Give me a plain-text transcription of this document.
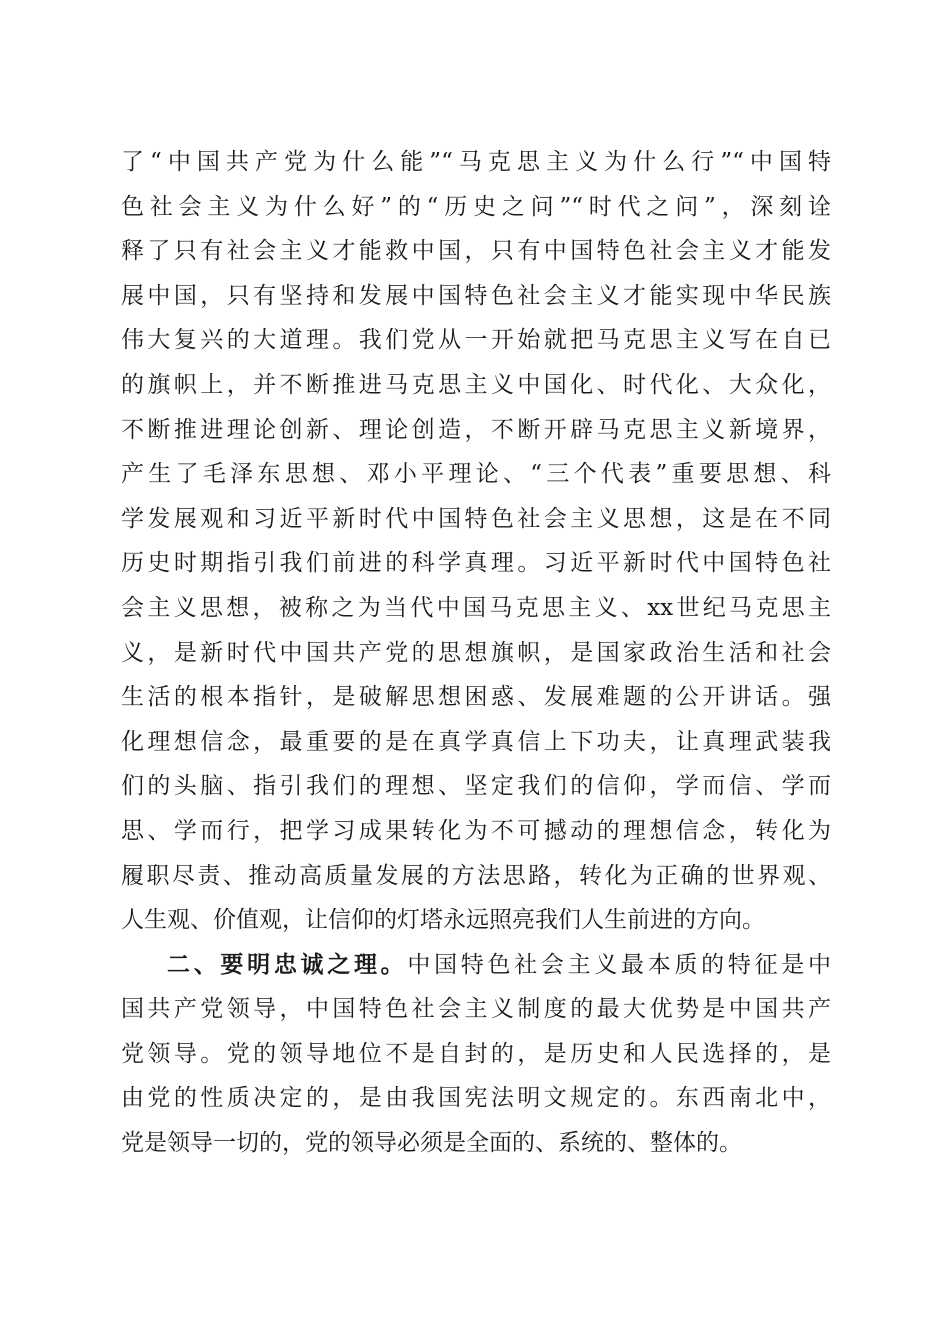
了“中国共产党为什么能”“马克思主义为什么行”“中国特
色社会主义为什么好”的“历史之问”“时代之问”，深刻诠
释了只有社会主义才能救中国，只有中国特色社会主义才能发
展中国，只有坚持和发展中国特色社会主义才能实现中华民族
伟大复兴的大道理。我们党从一开始就把马克思主义写在自已
的旗帜上，并不断推进马克思主义中国化、时代化、大众化，
不断推进理论创新、理论创造，不断开辟马克思主义新境界，
产生了毛泽东思想、邓小平理论、“三个代表”重要思想、科
学发展观和习近平新时代中国特色社会主义思想，这是在不同
历史时期指引我们前进的科学真理。习近平新时代中国特色社
会主义思想，被称之为当代中国马克思主义、xx世纪马克思主
义，是新时代中国共产党的思想旗帜，是国家政治生活和社会
生活的根本指针，是破解思想困惑、发展难题的公开讲话。强
化理想信念，最重要的是在真学真信上下功夫，让真理武装我
们的头脑、指引我们的理想、坚定我们的信仰，学而信、学而
思、学而行，把学习成果转化为不可撼动的理想信念，转化为
履职尽责、推动高质量发展的方法思路，转化为正确的世界观、
人生观、价值观，让信仰的灯塔永远照亮我们人生前进的方向。
二、要明忠诚之理。中国特色社会主义最本质的特征是中
国共产党领导，中国特色社会主义制度的最大优势是中国共产
党领导。党的领导地位不是自封的，是历史和人民选择的，是
由党的性质决定的，是由我国宪法明文规定的。东西南北中，
党是领导一切的，党的领导必须是全面的、系统的、整体的。
